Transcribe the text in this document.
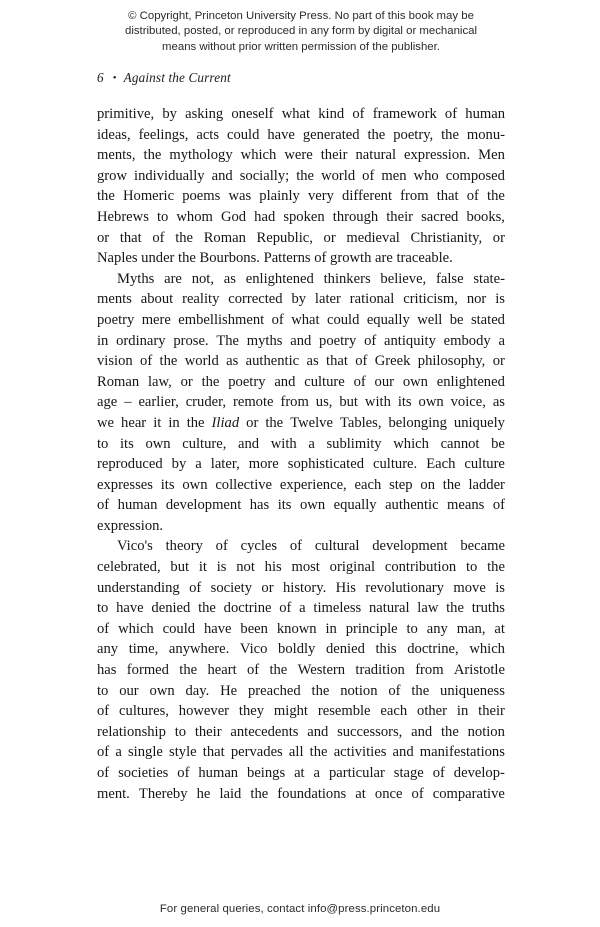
© Copyright, Princeton University Press. No part of this book may be
distributed, posted, or reproduced in any form by digital or mechanical
means without prior written permission of the publisher.
6 • Against the Current
primitive, by asking oneself what kind of framework of human
ideas, feelings, acts could have generated the poetry, the monu-
ments, the mythology which were their natural expression. Men
grow individually and socially; the world of men who composed
the Homeric poems was plainly very different from that of the
Hebrews to whom God had spoken through their sacred books,
or that of the Roman Republic, or medieval Christianity, or
Naples under the Bourbons. Patterns of growth are traceable.
Myths are not, as enlightened thinkers believe, false state-
ments about reality corrected by later rational criticism, nor is
poetry mere embellishment of what could equally well be stated
in ordinary prose. The myths and poetry of antiquity embody a
vision of the world as authentic as that of Greek philosophy, or
Roman law, or the poetry and culture of our own enlightened
age – earlier, cruder, remote from us, but with its own voice, as
we hear it in the Iliad or the Twelve Tables, belonging uniquely
to its own culture, and with a sublimity which cannot be
reproduced by a later, more sophisticated culture. Each culture
expresses its own collective experience, each step on the ladder
of human development has its own equally authentic means of
expression.
Vico's theory of cycles of cultural development became
celebrated, but it is not his most original contribution to the
understanding of society or history. His revolutionary move is
to have denied the doctrine of a timeless natural law the truths
of which could have been known in principle to any man, at
any time, anywhere. Vico boldly denied this doctrine, which
has formed the heart of the Western tradition from Aristotle
to our own day. He preached the notion of the uniqueness
of cultures, however they might resemble each other in their
relationship to their antecedents and successors, and the notion
of a single style that pervades all the activities and manifestations
of societies of human beings at a particular stage of develop-
ment. Thereby he laid the foundations at once of comparative
For general queries, contact info@press.princeton.edu
